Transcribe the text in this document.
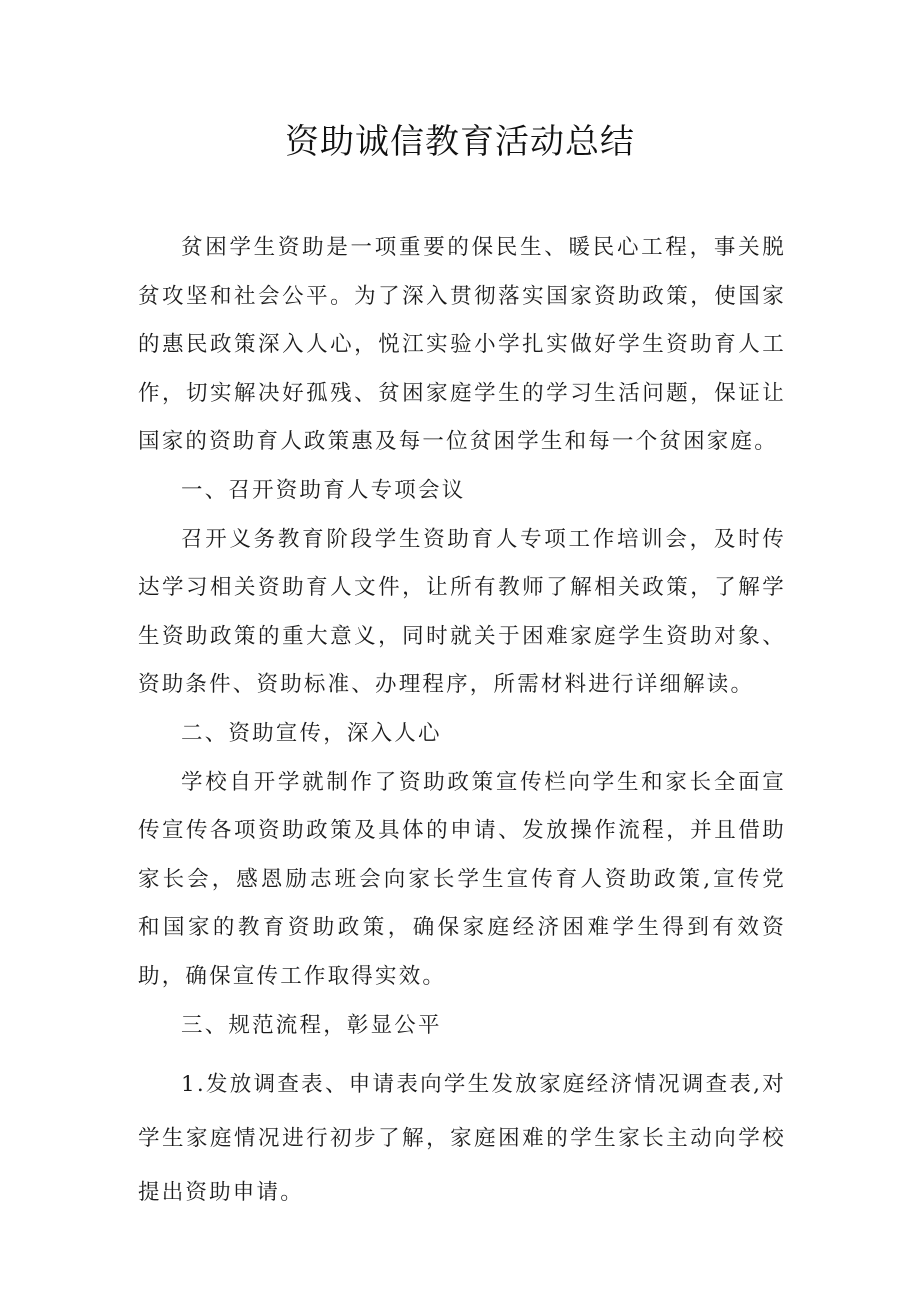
资助诚信教育活动总结

贫困学生资助是一项重要的保民生、暖民心工程，事关脱贫攻坚和社会公平。为了深入贯彻落实国家资助政策，使国家的惠民政策深入人心，悦江实验小学扎实做好学生资助育人工作，切实解决好孤残、贫困家庭学生的学习生活问题，保证让国家的资助育人政策惠及每一位贫困学生和每一个贫困家庭。

一、召开资助育人专项会议

召开义务教育阶段学生资助育人专项工作培训会，及时传达学习相关资助育人文件，让所有教师了解相关政策，了解学生资助政策的重大意义，同时就关于困难家庭学生资助对象、资助条件、资助标准、办理程序，所需材料进行详细解读。

二、资助宣传，深入人心

学校自开学就制作了资助政策宣传栏向学生和家长全面宣传宣传各项资助政策及具体的申请、发放操作流程，并且借助家长会，感恩励志班会向家长学生宣传育人资助政策,宣传党和国家的教育资助政策，确保家庭经济困难学生得到有效资助，确保宣传工作取得实效。

三、规范流程，彰显公平

1.发放调查表、申请表向学生发放家庭经济情况调查表,对学生家庭情况进行初步了解，家庭困难的学生家长主动向学校提出资助申请。
